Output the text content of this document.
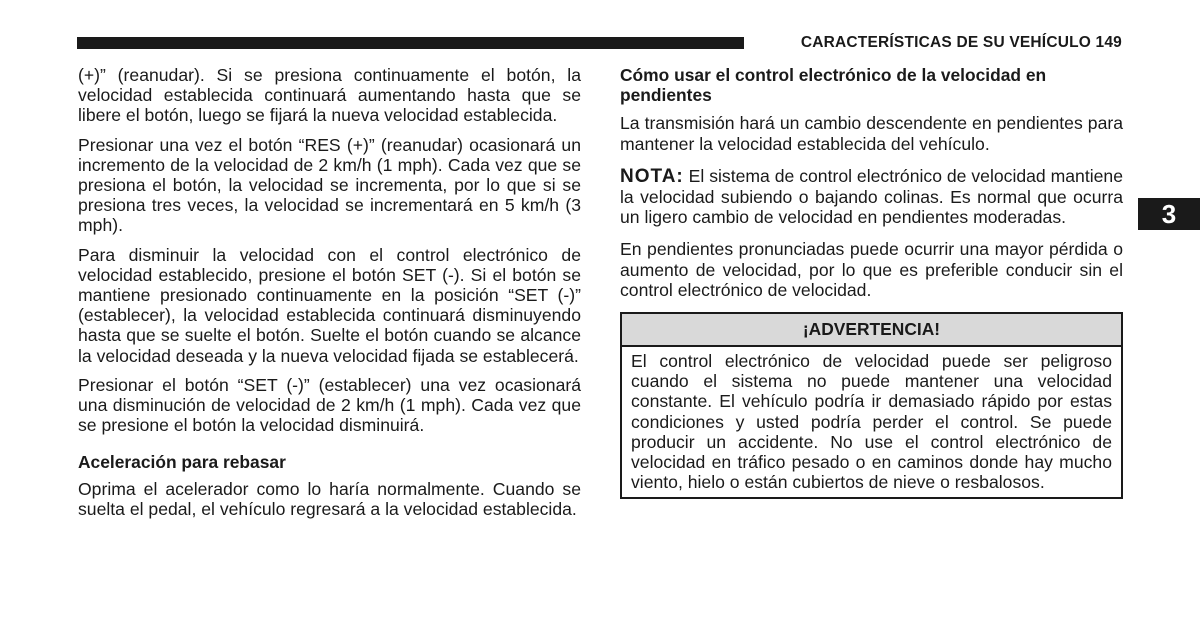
CARACTERÍSTICAS DE SU VEHÍCULO 149

(+)” (reanudar). Si se presiona continuamente el botón, la velocidad establecida continuará aumentando hasta que se libere el botón, luego se fijará la nueva velocidad establecida.

Presionar una vez el botón “RES (+)” (reanudar) ocasionará un incremento de la velocidad de 2 km/h (1 mph). Cada vez que se presiona el botón, la velocidad se incrementa, por lo que si se presiona tres veces, la velocidad se incrementará en 5 km/h (3 mph).

Para disminuir la velocidad con el control electrónico de velocidad establecido, presione el botón SET (-). Si el botón se mantiene presionado continuamente en la posición “SET (-)” (establecer), la velocidad establecida continuará disminuyendo hasta que se suelte el botón. Suelte el botón cuando se alcance la velocidad deseada y la nueva velocidad fijada se establecerá.

Presionar el botón “SET (-)” (establecer) una vez ocasionará una disminución de velocidad de 2 km/h (1 mph). Cada vez que se presione el botón la velocidad disminuirá.

Aceleración para rebasar

Oprima el acelerador como lo haría normalmente. Cuando se suelta el pedal, el vehículo regresará a la velocidad establecida.

Cómo usar el control electrónico de la velocidad en pendientes

La transmisión hará un cambio descendente en pendientes para mantener la velocidad establecida del vehículo.

NOTA: El sistema de control electrónico de velocidad mantiene la velocidad subiendo o bajando colinas. Es normal que ocurra un ligero cambio de velocidad en pendientes moderadas.

En pendientes pronunciadas puede ocurrir una mayor pérdida o aumento de velocidad, por lo que es preferible conducir sin el control electrónico de velocidad.

¡ADVERTENCIA!
El control electrónico de velocidad puede ser peligroso cuando el sistema no puede mantener una velocidad constante. El vehículo podría ir demasiado rápido por estas condiciones y usted podría perder el control. Se puede producir un accidente. No use el control electrónico de velocidad en tráfico pesado o en caminos donde hay mucho viento, hielo o están cubiertos de nieve o resbalosos.
3
